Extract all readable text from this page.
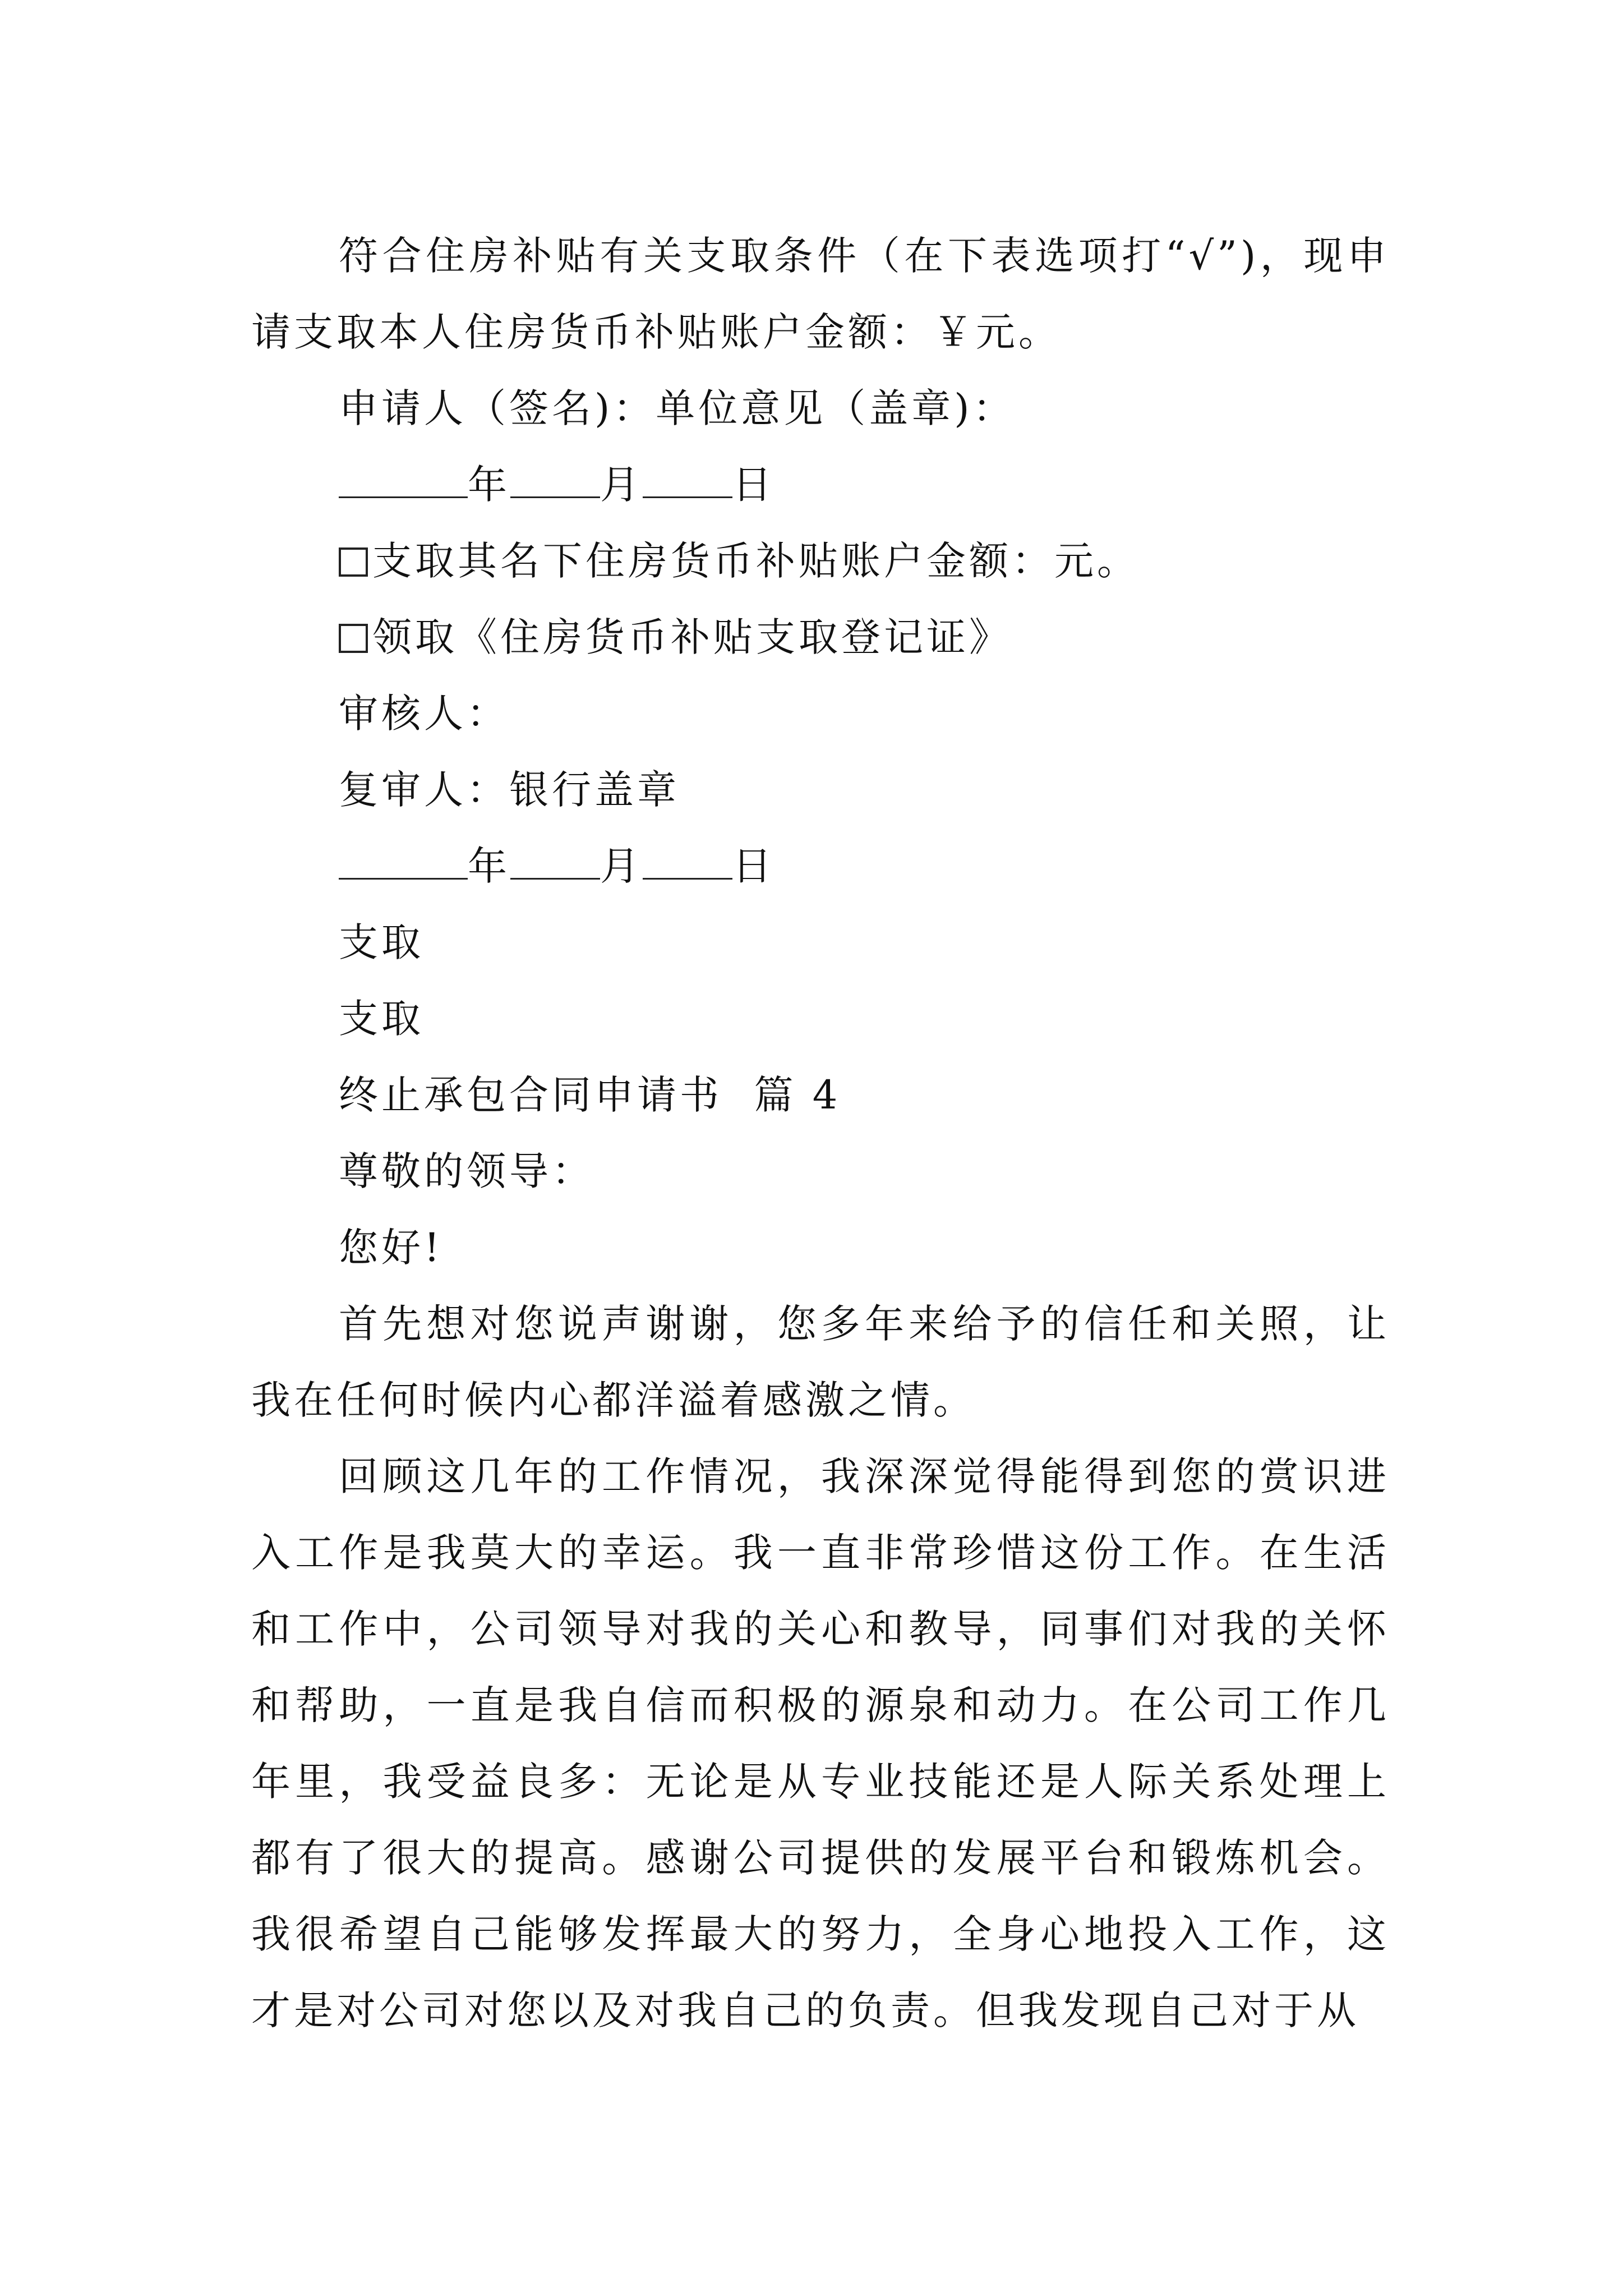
符合住房补贴有关支取条件（在下表选项打“√”)，现申请支取本人住房货币补贴账户金额：￥元。

申请人（签名)：单位意见（盖章)：

年 月 日

支取其名下住房货币补贴账户金额：元。

领取《住房货币补贴支取登记证》

审核人：

复审人：银行盖章

年 月 日

支取

支取

终止承包合同申请书  篇 4

尊敬的领导：

您好!

首先想对您说声谢谢，您多年来给予的信任和关照，让我在任何时候内心都洋溢着感激之情。

回顾这几年的工作情况，我深深觉得能得到您的赏识进入工作是我莫大的幸运。我一直非常珍惜这份工作。在生活和工作中，公司领导对我的关心和教导，同事们对我的关怀和帮助，一直是我自信而积极的源泉和动力。在公司工作几年里，我受益良多：无论是从专业技能还是人际关系处理上都有了很大的提高。感谢公司提供的发展平台和锻炼机会。我很希望自己能够发挥最大的努力，全身心地投入工作，这才是对公司对您以及对我自己的负责。但我发现自己对于从
